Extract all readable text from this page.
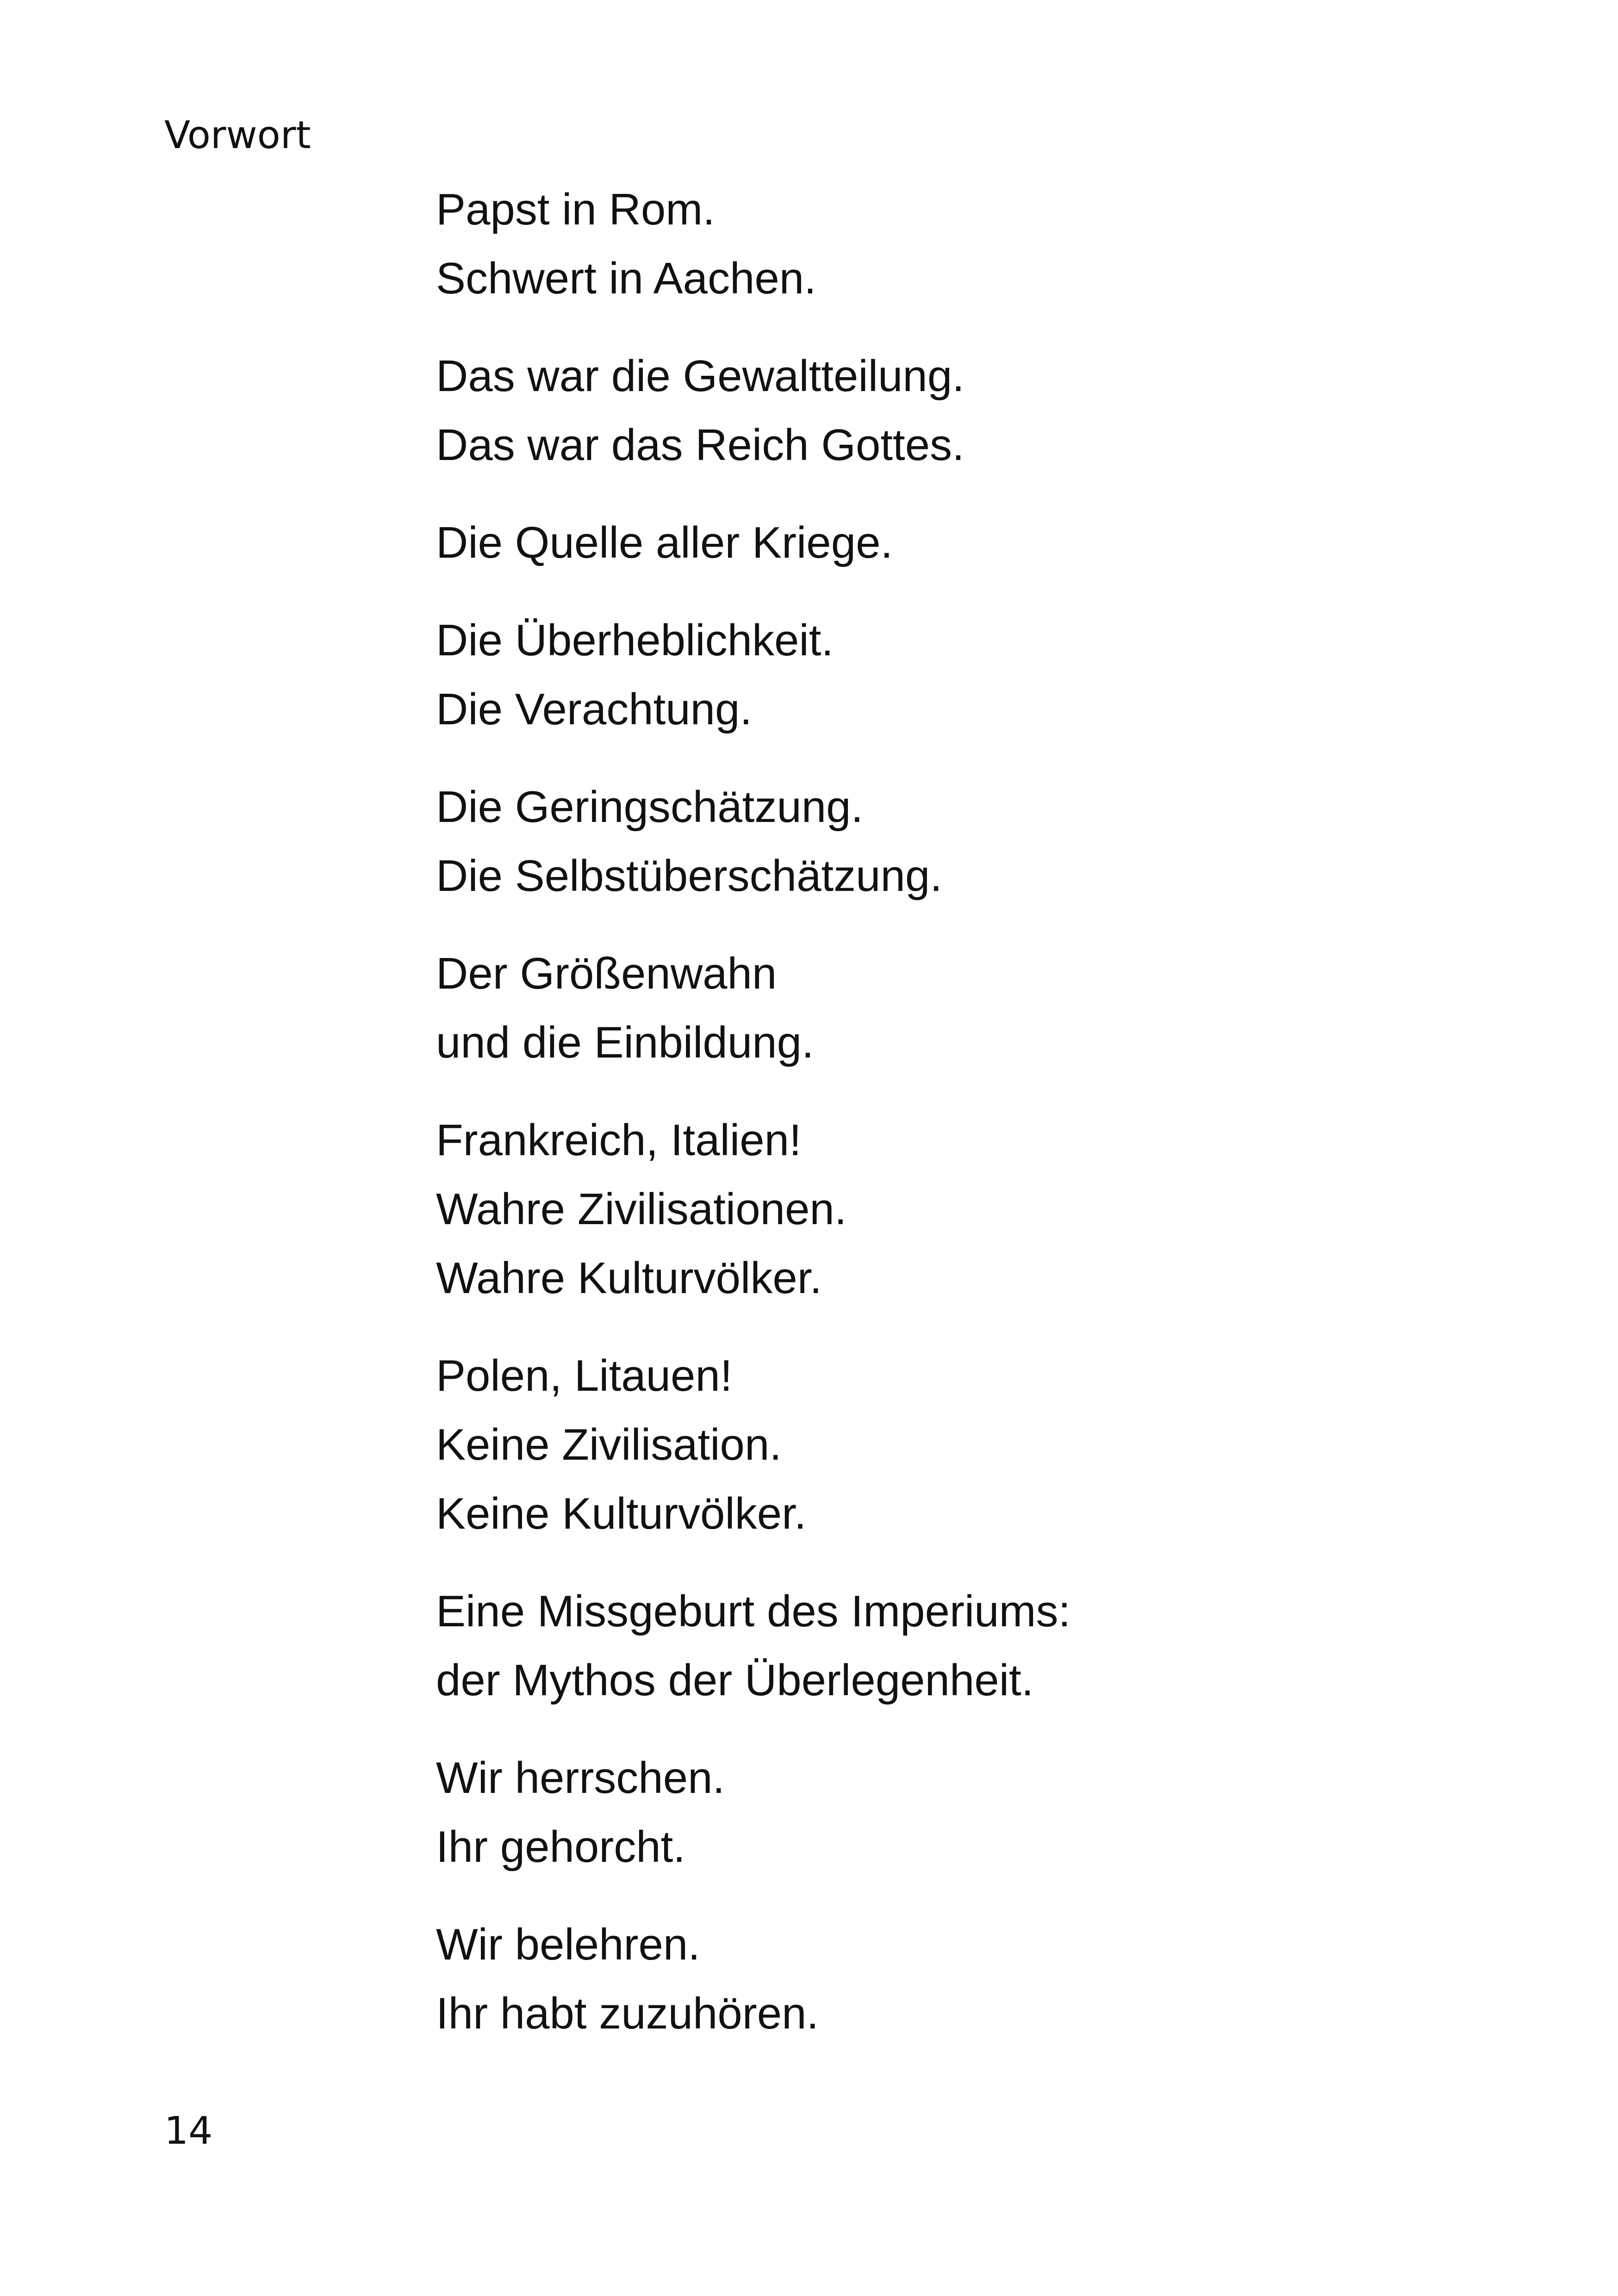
Vorwort
Papst in Rom.
Schwert in Aachen.
Das war die Gewaltteilung.
Das war das Reich Gottes.
Die Quelle aller Kriege.
Die Überheblichkeit.
Die Verachtung.
Die Geringschätzung.
Die Selbstüberschätzung.
Der Größenwahn
und die Einbildung.
Frankreich, Italien!
Wahre Zivilisationen.
Wahre Kulturvölker.
Polen, Litauen!
Keine Zivilisation.
Keine Kulturvölker.
Eine Missgeburt des Imperiums:
der Mythos der Überlegenheit.
Wir herrschen.
Ihr gehorcht.
Wir belehren.
Ihr habt zuzuhören.
14
